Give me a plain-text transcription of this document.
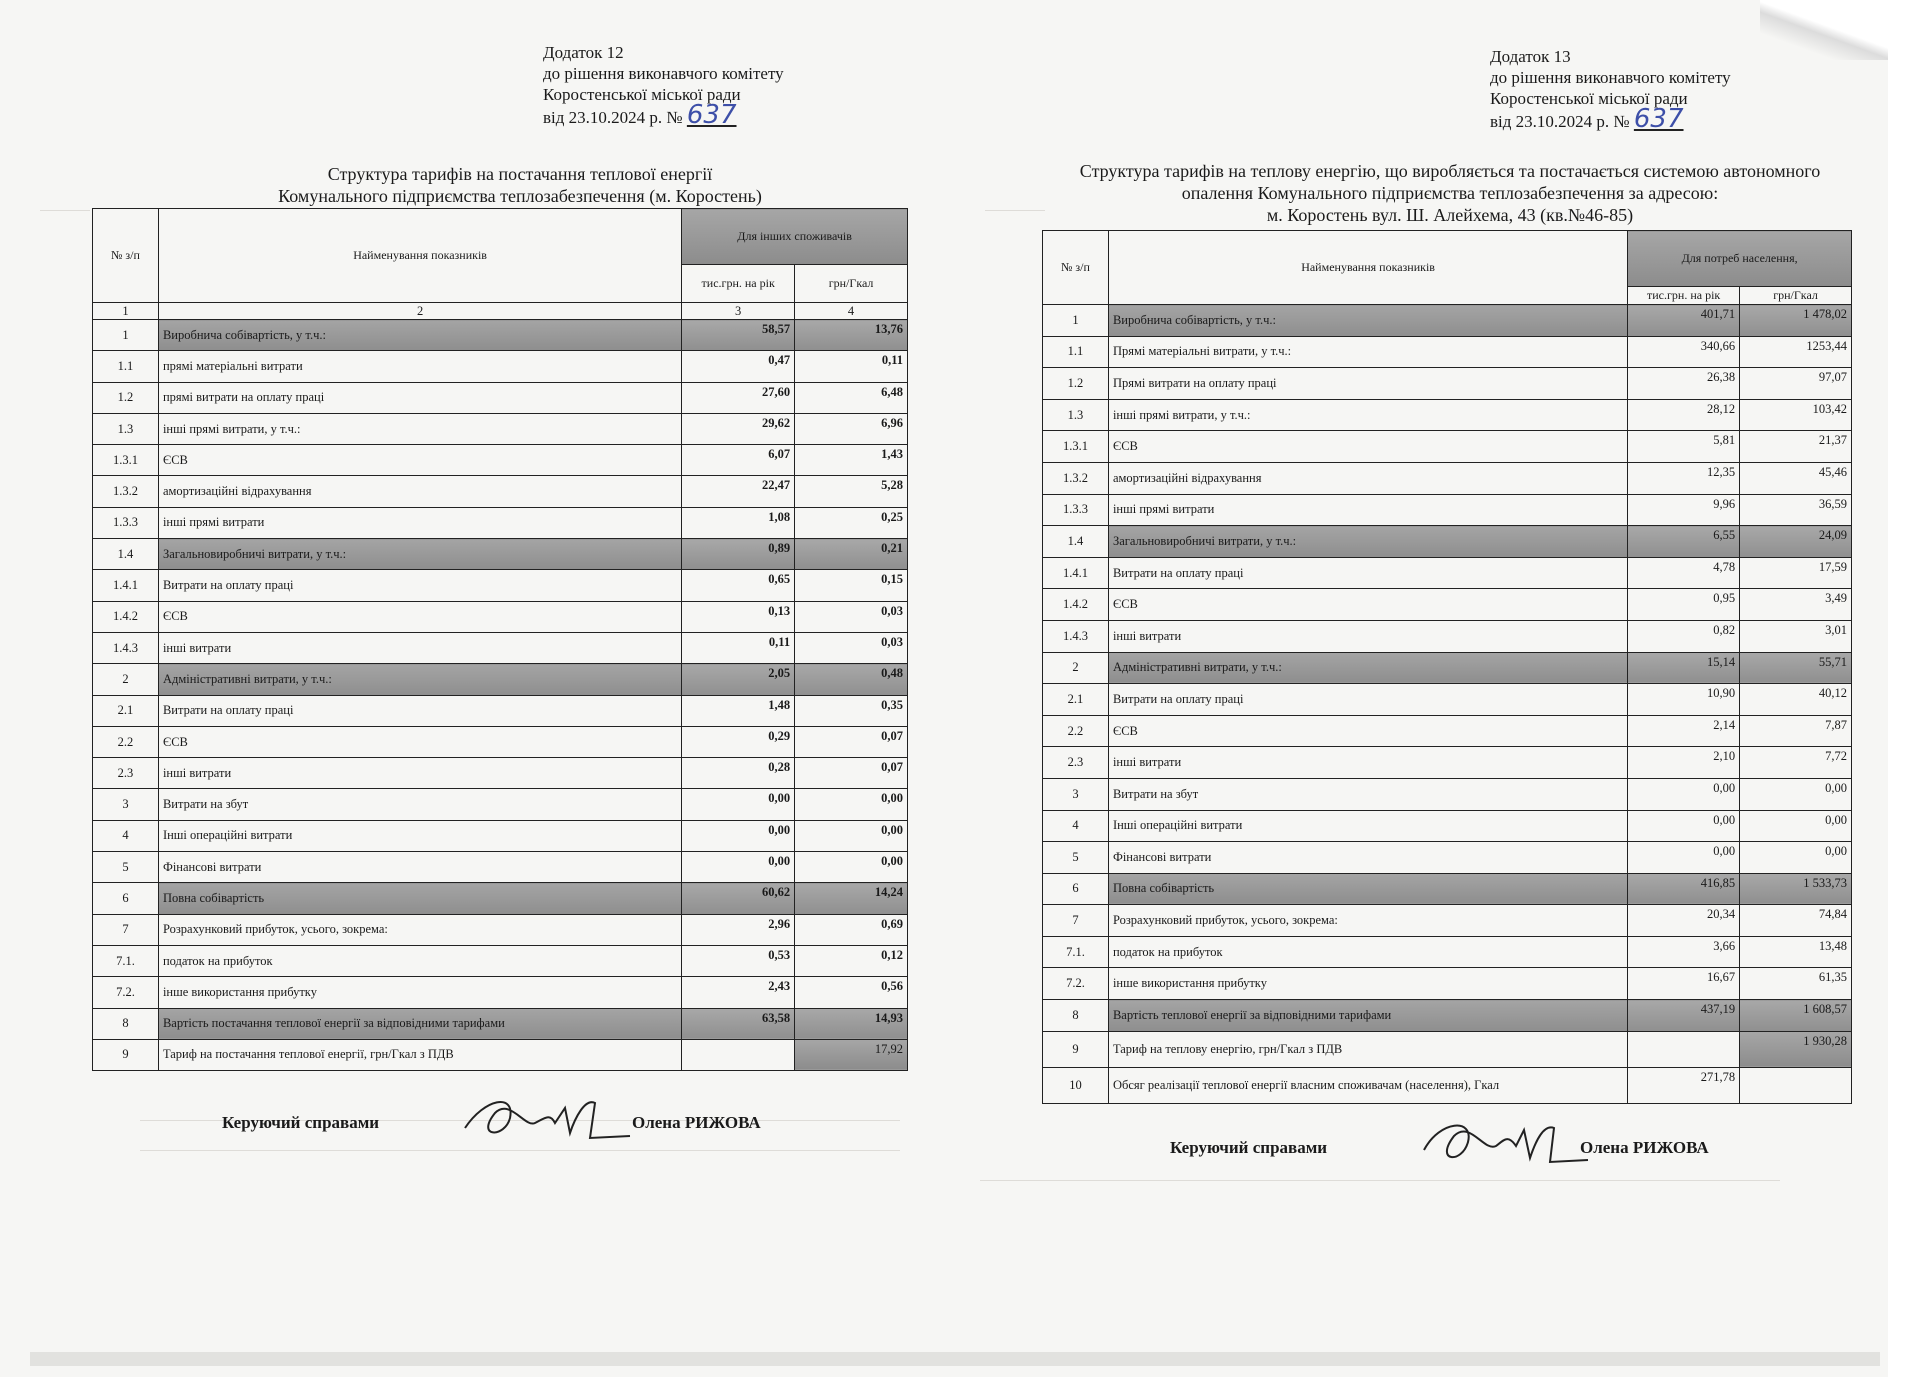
Додаток 12
до рішення виконавчого комітету
Коростенської міської ради
від 23.10.2024 р. № 637
Структура тарифів на постачання теплової енергії
Комунального підприємства теплозабезпечення (м. Коростень)
№ з/п	Найменування показників	Для інших споживачів	
		тис.грн. на рік	грн/Гкал
1	2	3	4
1	Виробнича собівартість, у т.ч.:	58,57	13,76
1.1	прямі матеріальні витрати	0,47	0,11
1.2	прямі витрати на оплату праці	27,60	6,48
1.3	інші прямі витрати, у т.ч.:	29,62	6,96
1.3.1	ЄСВ	6,07	1,43
1.3.2	амортизаційні відрахування	22,47	5,28
1.3.3	інші прямі витрати	1,08	0,25
1.4	Загальновиробничі витрати, у т.ч.:	0,89	0,21
1.4.1	Витрати на оплату праці	0,65	0,15
1.4.2	ЄСВ	0,13	0,03
1.4.3	інші витрати	0,11	0,03
2	Адміністративні витрати, у т.ч.:	2,05	0,48
2.1	Витрати на оплату праці	1,48	0,35
2.2	ЄСВ	0,29	0,07
2.3	інші витрати	0,28	0,07
3	Витрати на збут	0,00	0,00
4	Інші операційні витрати	0,00	0,00
5	Фінансові витрати	0,00	0,00
6	Повна собівартість	60,62	14,24
7	Розрахунковий прибуток, усього, зокрема:	2,96	0,69
7.1.	податок на прибуток	0,53	0,12
7.2.	інше використання прибутку	2,43	0,56
8	Вартість постачання теплової енергії за відповідними тарифами	63,58	14,93
9	Тариф на постачання теплової енергії, грн/Гкал з ПДВ		17,92
Керуючий справами	Олена РИЖОВА
Додаток 13
до рішення виконавчого комітету
Коростенської міської ради
від 23.10.2024 р. № 637
Структура тарифів на теплову енергію, що виробляється та постачається системою автономного
опалення Комунального підприємства теплозабезпечення за адресою:
м. Коростень вул. Ш. Алейхема, 43 (кв.№46-85)
№ з/п	Найменування показників	Для потреб населення,	
		тис.грн. на рік	грн/Гкал
1	Виробнича собівартість, у т.ч.:	401,71	1 478,02
1.1	Прямі матеріальні витрати, у т.ч.:	340,66	1253,44
1.2	Прямі витрати на оплату праці	26,38	97,07
1.3	інші прямі витрати, у т.ч.:	28,12	103,42
1.3.1	ЄСВ	5,81	21,37
1.3.2	амортизаційні відрахування	12,35	45,46
1.3.3	інші прямі витрати	9,96	36,59
1.4	Загальновиробничі витрати, у т.ч.:	6,55	24,09
1.4.1	Витрати на оплату праці	4,78	17,59
1.4.2	ЄСВ	0,95	3,49
1.4.3	інші витрати	0,82	3,01
2	Адміністративні витрати, у т.ч.:	15,14	55,71
2.1	Витрати на оплату праці	10,90	40,12
2.2	ЄСВ	2,14	7,87
2.3	інші витрати	2,10	7,72
3	Витрати на збут	0,00	0,00
4	Інші операційні витрати	0,00	0,00
5	Фінансові витрати	0,00	0,00
6	Повна собівартість	416,85	1 533,73
7	Розрахунковий прибуток, усього, зокрема:	20,34	74,84
7.1.	податок на прибуток	3,66	13,48
7.2.	інше використання прибутку	16,67	61,35
8	Вартість теплової енергії за відповідними тарифами	437,19	1 608,57
9	Тариф на теплову енергію, грн/Гкал з ПДВ		1 930,28
10	Обсяг реалізації теплової енергії власним споживачам (населення), Гкал	271,78	
Керуючий справами	Олена РИЖОВА
